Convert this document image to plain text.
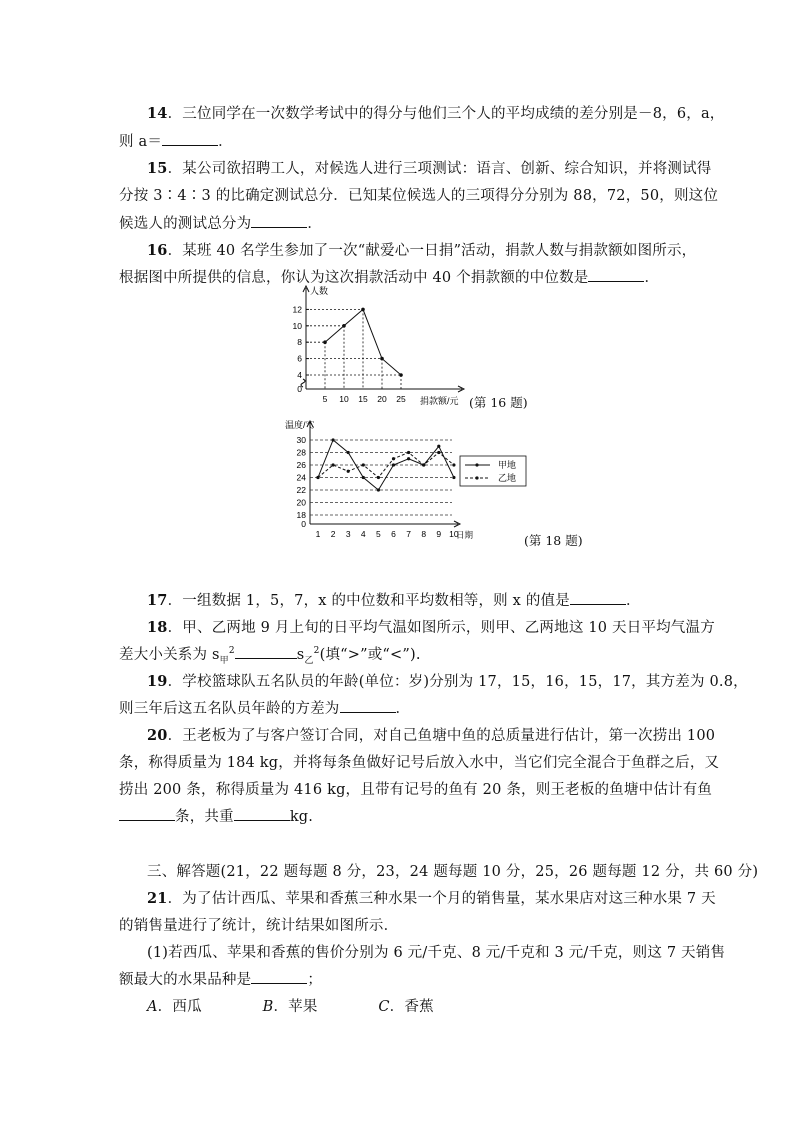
14．三位同学在一次数学考试中的得分与他们三个人的平均成绩的差分别是－8，6，a，
则 a＝	．
15．某公司欲招聘工人，对候选人进行三项测试：语言、创新、综合知识，并将测试得
分按 3∶4∶3 的比确定测试总分．已知某位候选人的三项得分分别为 88，72，50，则这位
候选人的测试总分为	．
16．某班 40 名学生参加了一次“献爱心一日捐”活动，捐款人数与捐款额如图所示，
根据图中所提供的信息，你认为这次捐款活动中 40 个捐款额的中位数是	．
人数
捐款额/元
0
4
6
8
10
12
5 10 15 20 25	(第 16 题)
温度/℃
日期
0
18
20
22
24
26
28
30
1 2 3 4 5 6 7 8 9 10
甲地
乙地
(第 18 题)
17．一组数据 1，5，7，x 的中位数和平均数相等，则 x 的值是	．
18．甲、乙两地 9 月上旬的日平均气温如图所示，则甲、乙两地这 10 天日平均气温方
差大小关系为 $s_甲^2$	$s_乙^2$(填“>”或“<”).
19．学校篮球队五名队员的年龄(单位：岁)分别为 17，15，16，15，17，其方差为 0.8，
则三年后这五名队员年龄的方差为	．
20．王老板为了与客户签订合同，对自己鱼塘中鱼的总质量进行估计，第一次捞出 100
条，称得质量为 184 kg，并将每条鱼做好记号后放入水中，当它们完全混合于鱼群之后，又
捞出 200 条，称得质量为 416 kg，且带有记号的鱼有 20 条，则王老板的鱼塘中估计有鱼
条，共重	kg.
三、解答题(21，22 题每题 8 分，23，24 题每题 10 分，25，26 题每题 12 分，共 60 分)
21．为了估计西瓜、苹果和香蕉三种水果一个月的销售量，某水果店对这三种水果 7 天
的销售量进行了统计，统计结果如图所示．
(1)若西瓜、苹果和香蕉的售价分别为 6 元/千克、8 元/千克和 3 元/千克，则这 7 天销售
额最大的水果品种是	；
A．西瓜	B．苹果	C．香蕉
